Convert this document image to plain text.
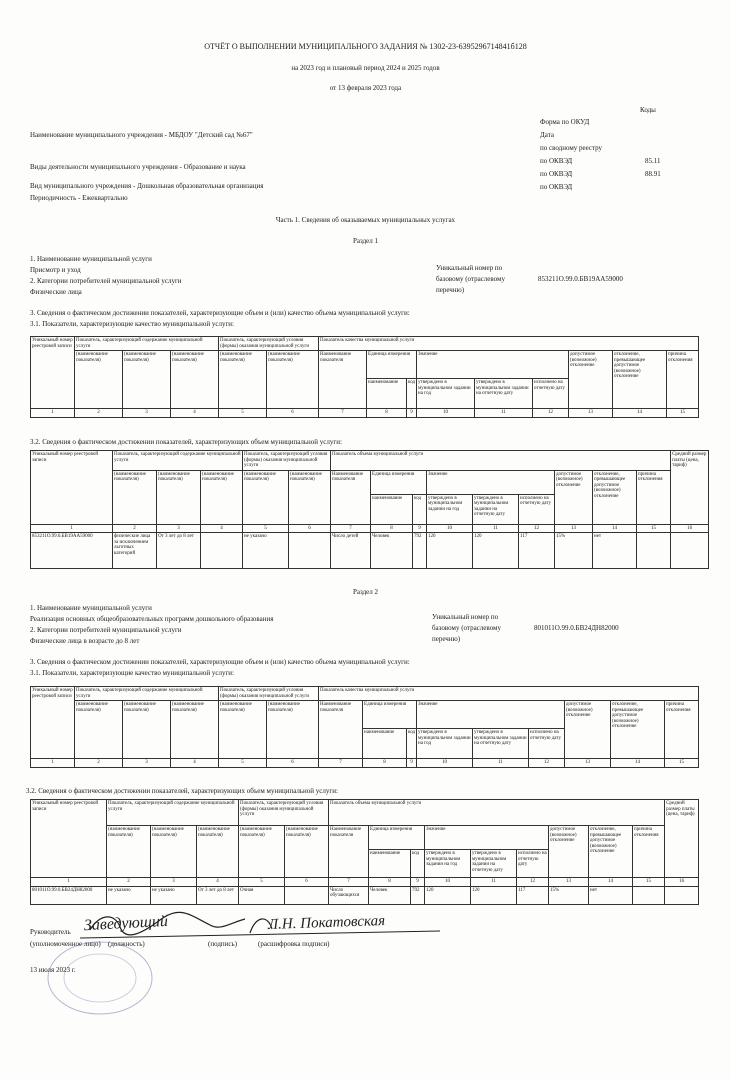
ОТЧЁТ О ВЫПОЛНЕНИИ МУНИЦИПАЛЬНОГО ЗАДАНИЯ № 1302-23-6395296714841б128
на 2023 год и плановый период 2024 и 2025 годов
от 13 февраля 2023 года
Коды
Форма по ОКУД
Дата
по сводному реестру
по ОКВЭД	85.11
по ОКВЭД	88.91
по ОКВЭД
Наименование муниципального учреждения - МБДОУ "Детский сад №67"
Виды деятельности муниципального учреждения - Образование и наука
Вид муниципального учреждения - Дошкольная образовательная организация
Периодичность - Ежеквартально
Часть 1. Сведения об оказываемых муниципальных услугах
Раздел 1
1. Наименование муниципальной услуги
Присмотр и уход
2. Категории потребителей муниципальной услуги
Физические лица
Уникальный номер по
базовому (отраслевому
перечню)
853211О.99.0.БВ19АА59000
3. Сведения о фактическом достижении показателей, характеризующие объем и (или) качество объема муниципальной услуги:
3.1. Показатели, характеризующие качество муниципальной услуги:
Уникальный номер реестровой записи	Показатель, характеризующий содержание муниципальной услуги			Показатель, характеризующий условия (формы) оказания муниципальной услуги		Показатель качества муниципальной услуги								
	(наименование показателя)	(наименование показателя)	(наименование показателя)	(наименование показателя)	(наименование показателя)	Наименование показателя	Единица измерения		Значение			допустимое (возможное) отклонение	отклонение, превышающее допустимое (возможное) отклонение	причина отклонения
							наименование	код	утверждено в муниципальном задании на год	утверждено в муниципальном задании на отчетную дату	исполнено на отчетную дату			
1	2	3	4	5	6	7	8	9	10	11	12	13	14	15
3.2. Сведения о фактическом достижении показателей, характеризующих объем муниципальной услуги:
Уникальный номер реестровой записи	Показатель, характеризующий содержание муниципальной услуги			Показатель, характеризующий условия (формы) оказания муниципальной услуги		Показатель объема муниципальной услуги									Средний размер платы (цена, тариф)
	(наименование показателя)	(наименование показателя)	(наименование показателя)	(наименование показателя)	(наименование показателя)	Наименование показателя	Единица измерения		Значение			допустимое (возможное) отклонение	отклонение, превышающее допустимое (возможное) отклонение	причина отклонения	
							наименование	код	утверждено в муниципальном задании на год	утверждено в муниципальном задании на отчетную дату	исполнено на отчетную дату				
1	2	3	4	5	6	7	8	9	10	11	12	13	14	15	16
853211О.99.0.БВ19АА59000	физические лица за исключением льготных категорий	От 3 лет до 8 лет		не указано		Число детей	Человек	792	120	120	117	15%	нет		
Раздел 2
1. Наименование муниципальной услуги
Реализация основных общеобразовательных программ дошкольного образования
2. Категории потребителей муниципальной услуги
Физические лица в возрасте до 8 лет
Уникальный номер по
базовому (отраслевому
перечню)
801011О.99.0.БВ24ДН82000
3. Сведения о фактическом достижении показателей, характеризующие объем и (или) качество объема муниципальной услуги:
3.1. Показатели, характеризующие качество муниципальной услуги:
Уникальный номер реестровой записи	Показатель, характеризующий содержание муниципальной услуги			Показатель, характеризующий условия (формы) оказания муниципальной услуги		Показатель качества муниципальной услуги								
	(наименование показателя)	(наименование показателя)	(наименование показателя)	(наименование показателя)	(наименование показателя)	Наименование показателя	Единица измерения		Значение			допустимое (возможное) отклонение	отклонение, превышающее допустимое (возможное) отклонение	причина отклонения
							наименование	код	утверждено в муниципальном задании на год	утверждено в муниципальном задании на отчетную дату	исполнено на отчетную дату			
1	2	3	4	5	6	7	8	9	10	11	12	13	14	15
3.2. Сведения о фактическом достижении показателей, характеризующих объем муниципальной услуги:
Уникальный номер реестровой записи	Показатель, характеризующий содержание муниципальной услуги			Показатель, характеризующий условия (формы) оказания муниципальной услуги		Показатель объема муниципальной услуги									Средний размер платы (цена, тариф)
	(наименование показателя)	(наименование показателя)	(наименование показателя)	(наименование показателя)	(наименование показателя)	Наименование показателя	Единица измерения		Значение			допустимое (возможное) отклонение	отклонение, превышающее допустимое (возможное) отклонение	причина отклонения	
							наименование	код	утверждено в муниципальном задании на год	утверждено в муниципальном задании на отчетную дату	исполнено на отчетную дату				
1	2	3	4	5	6	7	8	9	10	11	12	13	14	15	16
801011О.99.0.БВ24ДН82000	не указано	не указано	От 3 лет до 8 лет	Очная		Число обучающихся	Человек	792	120	120	117	15%	нет		
Руководитель
(уполномоченное лицо) (должность)	(подпись)	(расшифровка подписи)
Заведующий	Л.Н. Покатовская
13 июля 2023 г.
